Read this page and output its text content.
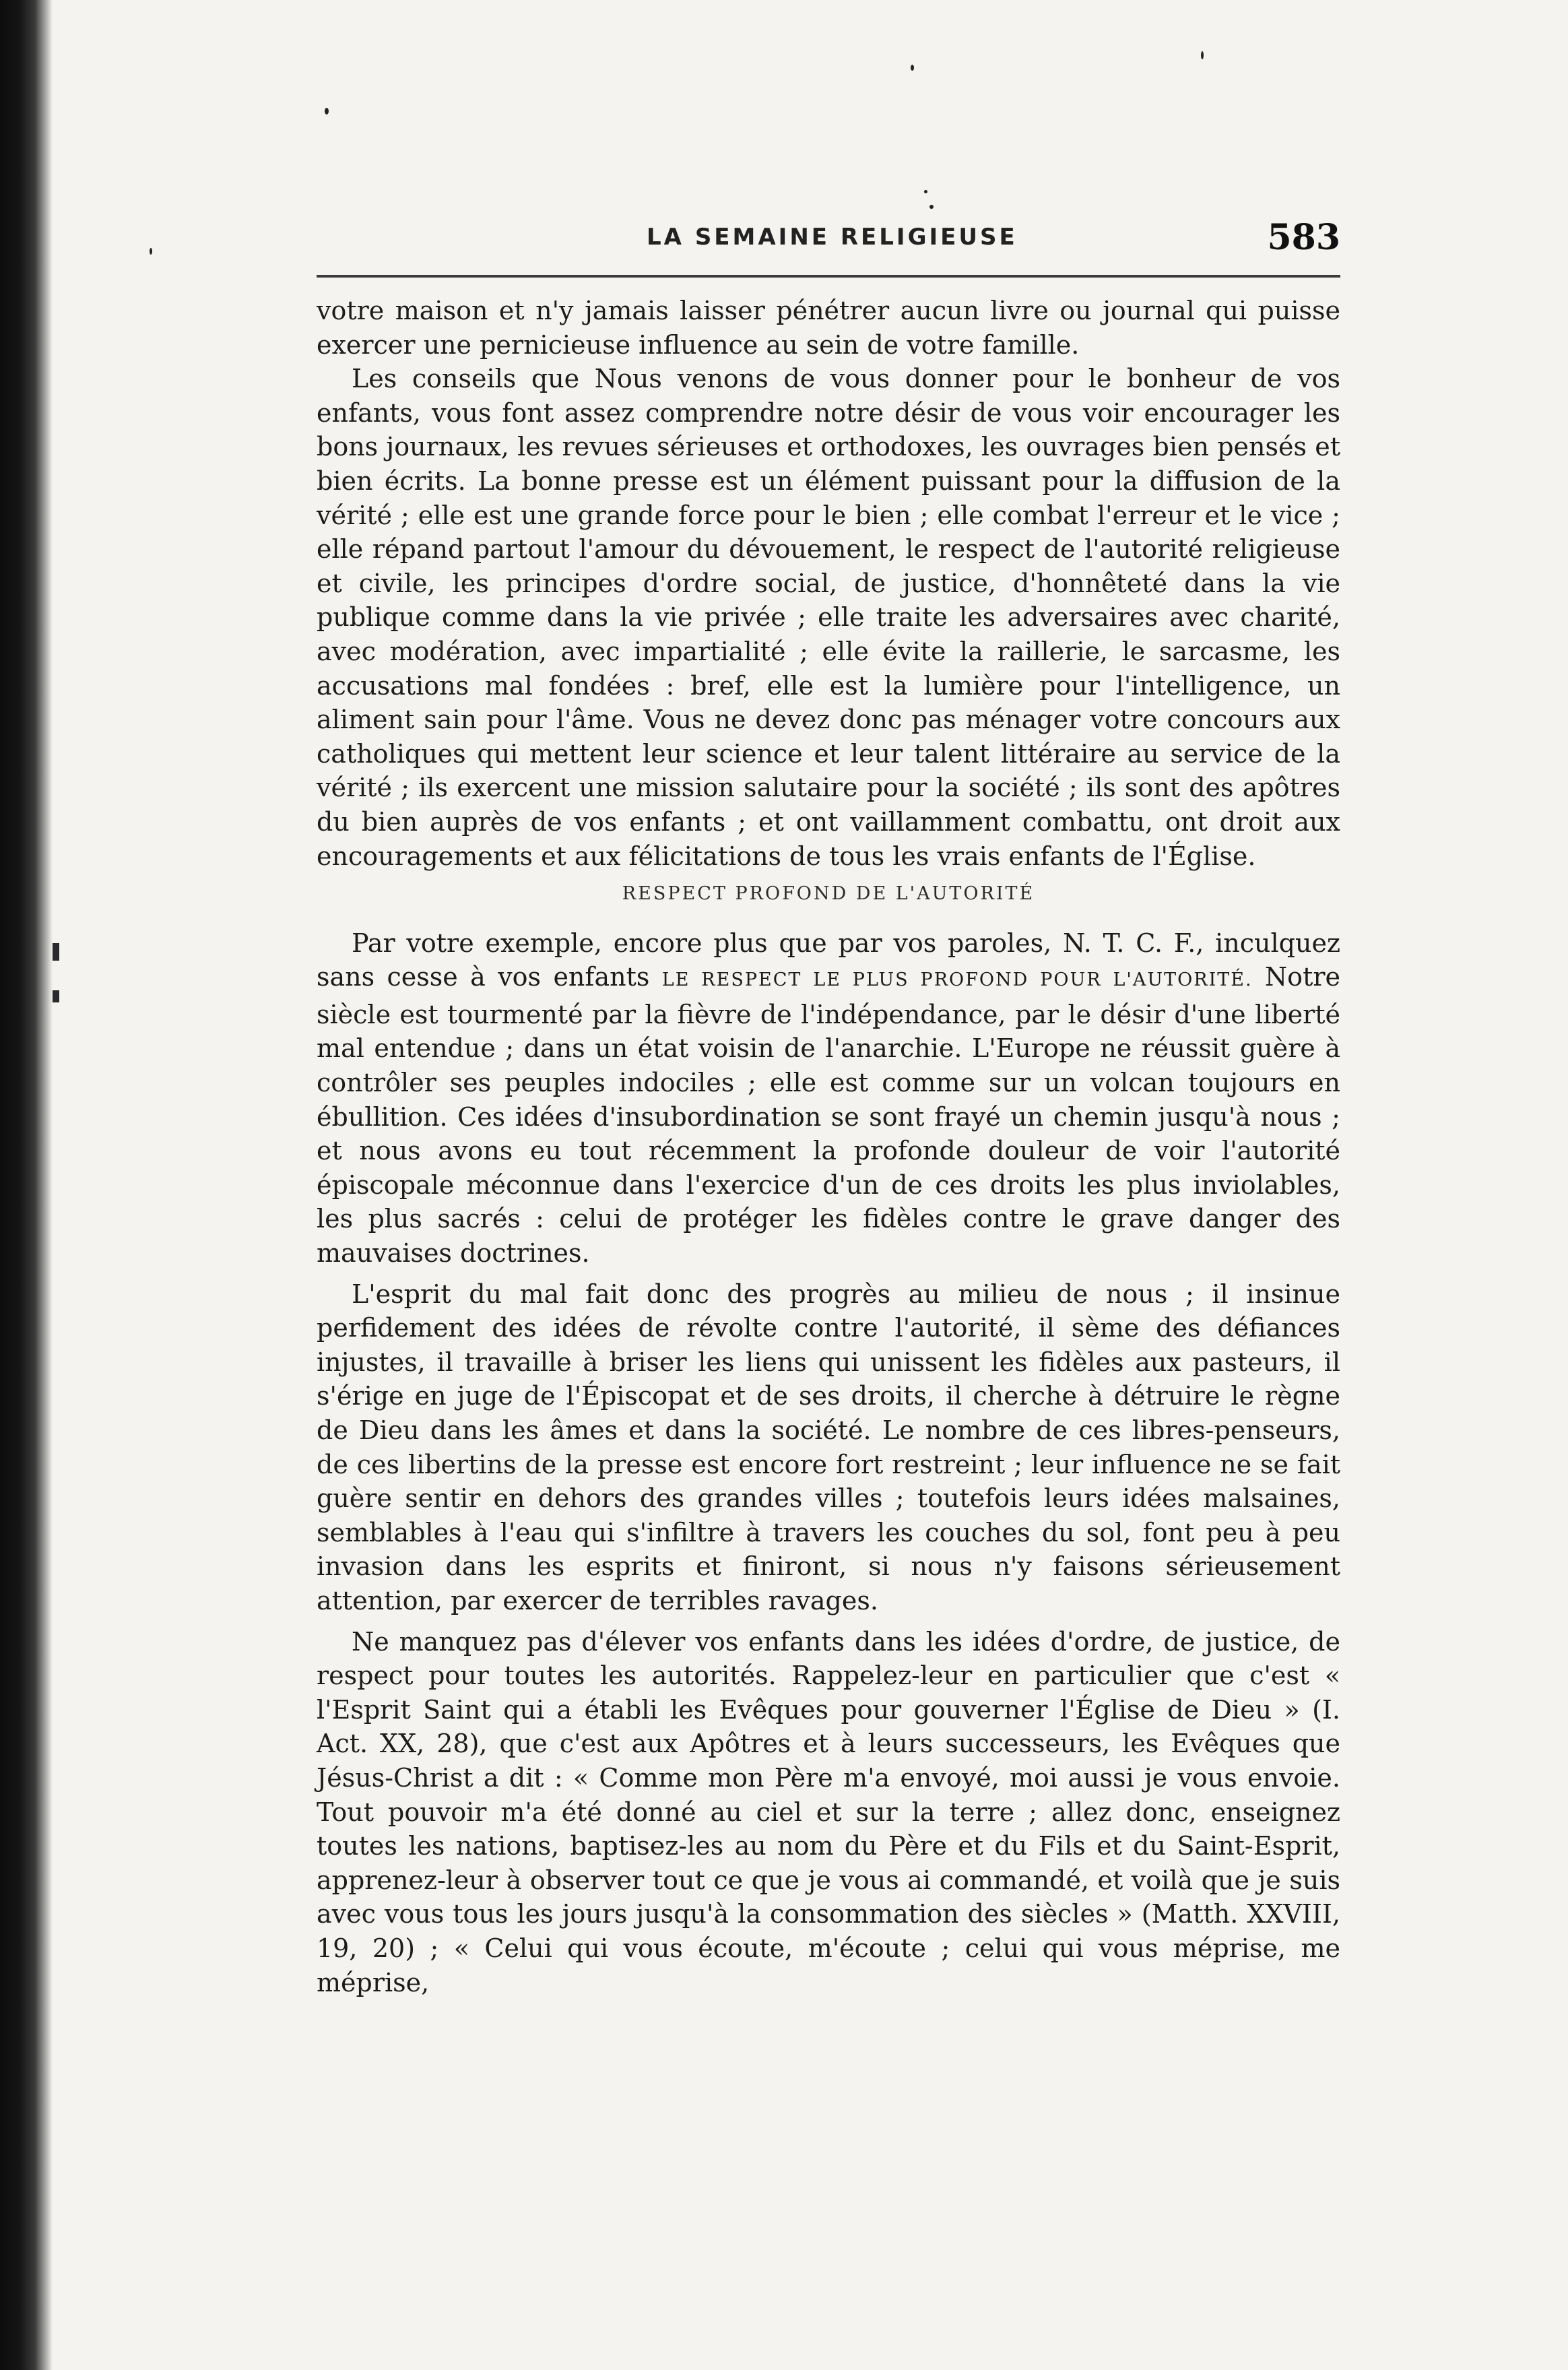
LA SEMAINE RELIGIEUSE	583

votre maison et n'y jamais laisser pénétrer aucun livre ou journal qui puisse exercer une pernicieuse influence au sein de votre famille.

Les conseils que Nous venons de vous donner pour le bonheur de vos enfants, vous font assez comprendre notre désir de vous voir encourager les bons journaux, les revues sérieuses et orthodoxes, les ouvrages bien pensés et bien écrits. La bonne presse est un élément puissant pour la diffusion de la vérité ; elle est une grande force pour le bien ; elle combat l'erreur et le vice ; elle répand partout l'amour du dévouement, le respect de l'autorité religieuse et civile, les principes d'ordre social, de justice, d'honnêteté dans la vie publique comme dans la vie privée ; elle traite les adversaires avec charité, avec modération, avec impartialité ; elle évite la raillerie, le sarcasme, les accusations mal fondées : bref, elle est la lumière pour l'intelligence, un aliment sain pour l'âme. Vous ne devez donc pas ménager votre concours aux catholiques qui mettent leur science et leur talent littéraire au service de la vérité ; ils exercent une mission salutaire pour la société ; ils sont des apôtres du bien auprès de vos enfants ; et ont vaillamment combattu, ont droit aux encouragements et aux félicitations de tous les vrais enfants de l'Église.

RESPECT PROFOND DE L'AUTORITÉ

Par votre exemple, encore plus que par vos paroles, N. T. C. F., inculquez sans cesse à vos enfants LE RESPECT LE PLUS PROFOND POUR L'AUTORITÉ. Notre siècle est tourmenté par la fièvre de l'indépendance, par le désir d'une liberté mal entendue ; dans un état voisin de l'anarchie. L'Europe ne réussit guère à contrôler ses peuples indociles ; elle est comme sur un volcan toujours en ébullition. Ces idées d'insubordination se sont frayé un chemin jusqu'à nous ; et nous avons eu tout récemment la profonde douleur de voir l'autorité épiscopale méconnue dans l'exercice d'un de ces droits les plus inviolables, les plus sacrés : celui de protéger les fidèles contre le grave danger des mauvaises doctrines.

L'esprit du mal fait donc des progrès au milieu de nous ; il insinue perfidement des idées de révolte contre l'autorité, il sème des défiances injustes, il travaille à briser les liens qui unissent les fidèles aux pasteurs, il s'érige en juge de l'Épiscopat et de ses droits, il cherche à détruire le règne de Dieu dans les âmes et dans la société. Le nombre de ces libres-penseurs, de ces libertins de la presse est encore fort restreint ; leur influence ne se fait guère sentir en dehors des grandes villes ; toutefois leurs idées malsaines, semblables à l'eau qui s'infiltre à travers les couches du sol, font peu à peu invasion dans les esprits et finiront, si nous n'y faisons sérieusement attention, par exercer de terribles ravages.

Ne manquez pas d'élever vos enfants dans les idées d'ordre, de justice, de respect pour toutes les autorités. Rappelez-leur en particulier que c'est « l'Esprit Saint qui a établi les Evêques pour gouverner l'Église de Dieu » (I. Act. XX, 28), que c'est aux Apôtres et à leurs successeurs, les Evêques que Jésus-Christ a dit : « Comme mon Père m'a envoyé, moi aussi je vous envoie. Tout pouvoir m'a été donné au ciel et sur la terre ; allez donc, enseignez toutes les nations, baptisez-les au nom du Père et du Fils et du Saint-Esprit, apprenez-leur à observer tout ce que je vous ai commandé, et voilà que je suis avec vous tous les jours jusqu'à la consommation des siècles » (Matth. XXVIII, 19, 20) ; « Celui qui vous écoute, m'écoute ; celui qui vous méprise, me méprise,
